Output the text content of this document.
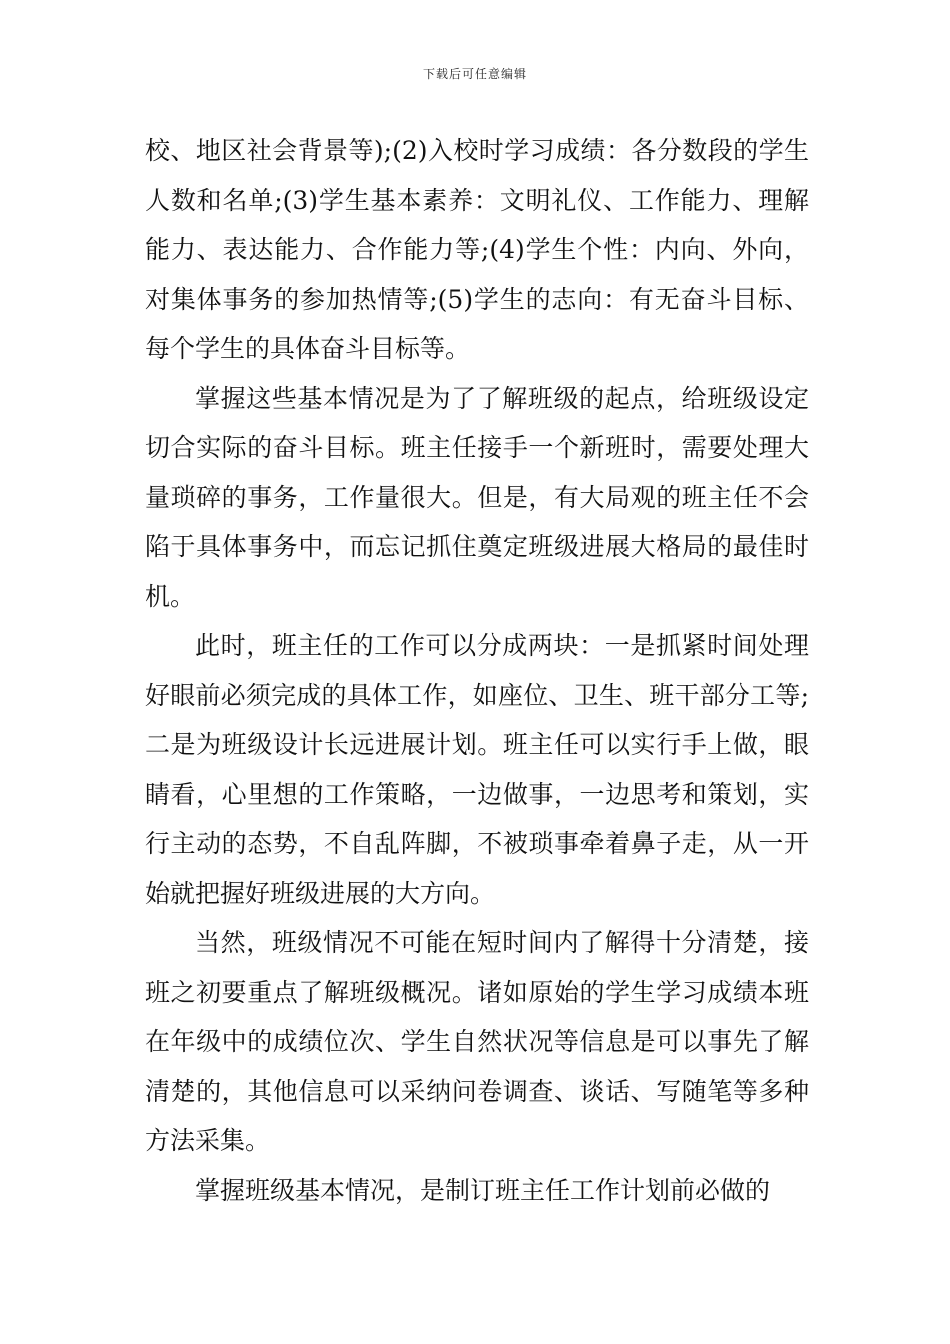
下载后可任意编辑

校、地区社会背景等);(2)入校时学习成绩：各分数段的学生人数和名单;(3)学生基本素养：文明礼仪、工作能力、理解能力、表达能力、合作能力等;(4)学生个性：内向、外向，对集体事务的参加热情等;(5)学生的志向：有无奋斗目标、每个学生的具体奋斗目标等。

掌握这些基本情况是为了了解班级的起点，给班级设定切合实际的奋斗目标。班主任接手一个新班时，需要处理大量琐碎的事务，工作量很大。但是，有大局观的班主任不会陷于具体事务中，而忘记抓住奠定班级进展大格局的最佳时机。

此时，班主任的工作可以分成两块：一是抓紧时间处理好眼前必须完成的具体工作，如座位、卫生、班干部分工等;二是为班级设计长远进展计划。班主任可以实行手上做，眼睛看，心里想的工作策略，一边做事，一边思考和策划，实行主动的态势，不自乱阵脚，不被琐事牵着鼻子走，从一开始就把握好班级进展的大方向。

当然，班级情况不可能在短时间内了解得十分清楚，接班之初要重点了解班级概况。诸如原始的学生学习成绩本班在年级中的成绩位次、学生自然状况等信息是可以事先了解清楚的，其他信息可以采纳问卷调查、谈话、写随笔等多种方法采集。

掌握班级基本情况，是制订班主任工作计划前必做的
